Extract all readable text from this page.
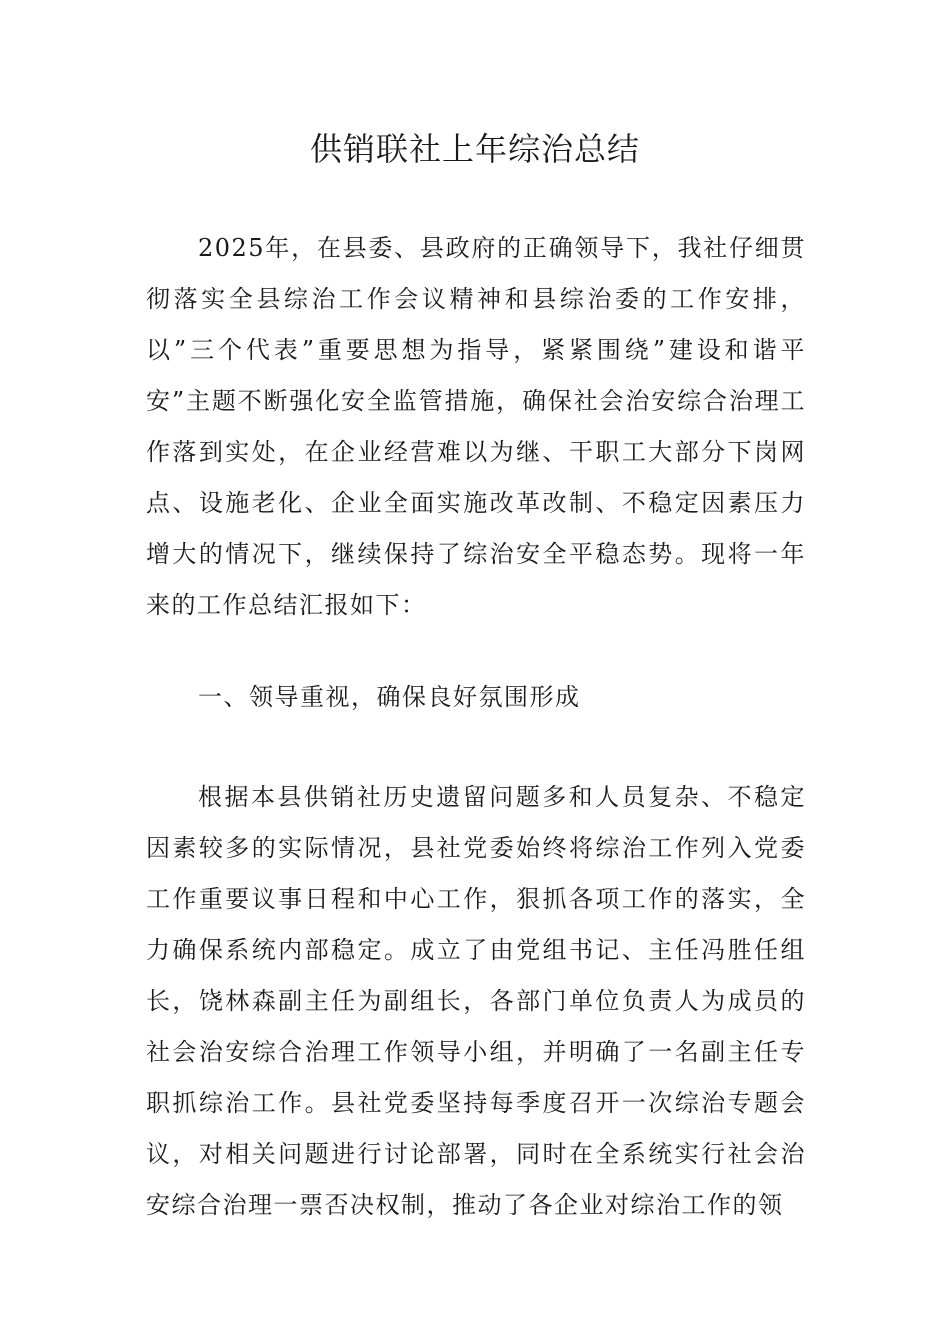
供销联社上年综治总结

2025年，在县委、县政府的正确领导下，我社仔细贯彻落实全县综治工作会议精神和县综治委的工作安排，以”三个代表”重要思想为指导，紧紧围绕”建设和谐平安”主题不断强化安全监管措施，确保社会治安综合治理工作落到实处，在企业经营难以为继、干职工大部分下岗网点、设施老化、企业全面实施改革改制、不稳定因素压力增大的情况下，继续保持了综治安全平稳态势。现将一年来的工作总结汇报如下：

一、领导重视，确保良好氛围形成

根据本县供销社历史遗留问题多和人员复杂、不稳定因素较多的实际情况，县社党委始终将综治工作列入党委工作重要议事日程和中心工作，狠抓各项工作的落实，全力确保系统内部稳定。成立了由党组书记、主任冯胜任组长，饶林森副主任为副组长，各部门单位负责人为成员的社会治安综合治理工作领导小组，并明确了一名副主任专职抓综治工作。县社党委坚持每季度召开一次综治专题会议，对相关问题进行讨论部署，同时在全系统实行社会治安综合治理一票否决权制，推动了各企业对综治工作的领
